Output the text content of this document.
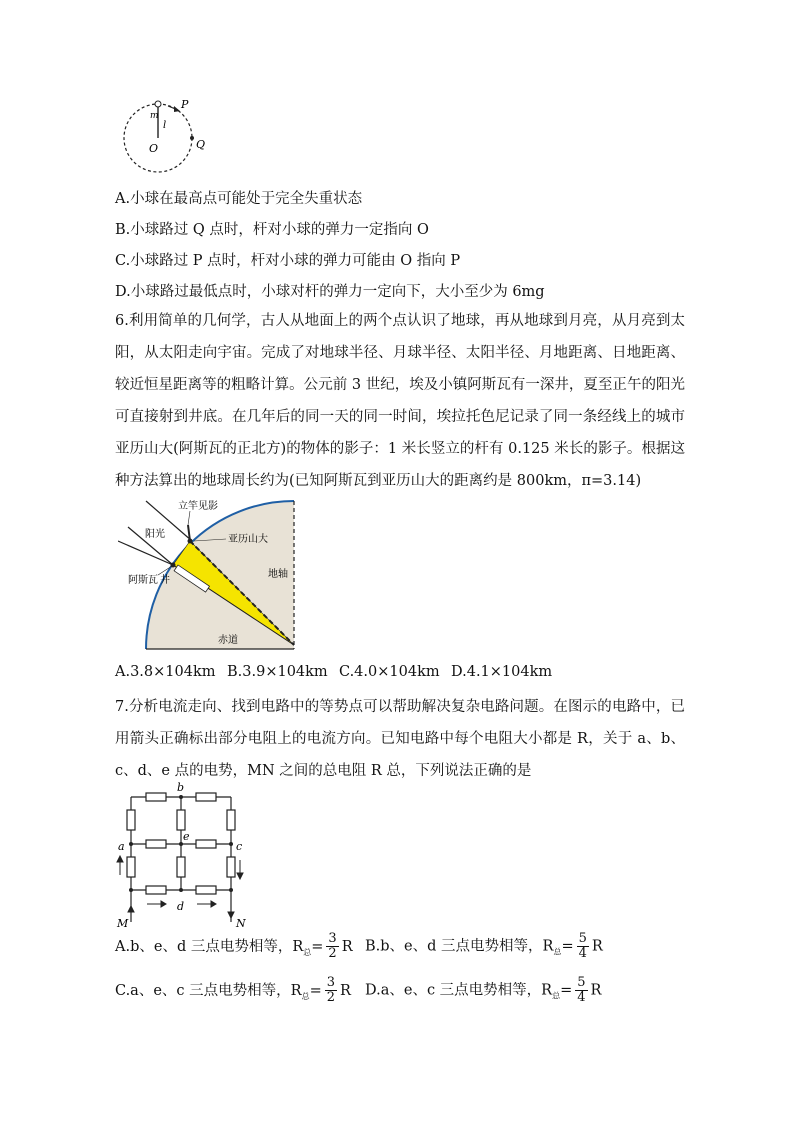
P
Q
O
m
l
A.小球在最高点可能处于完全失重状态
B.小球路过 Q 点时，杆对小球的弹力一定指向 O
C.小球路过 P 点时，杆对小球的弹力可能由 O 指向 P
D.小球路过最低点时，小球对杆的弹力一定向下，大小至少为 6mg
6.利用简单的几何学，古人从地面上的两个点认识了地球，再从地球到月亮，从月亮到太阳，从太阳走向宇宙。完成了对地球半径、月球半径、太阳半径、月地距离、日地距离、较近恒星距离等的粗略计算。公元前 3 世纪，埃及小镇阿斯瓦有一深井，夏至正午的阳光可直接射到井底。在几年后的同一天的同一时间，埃拉托色尼记录了同一条经线上的城市亚历山大(阿斯瓦的正北方)的物体的影子：1 米长竖立的杆有 0.125 米长的影子。根据这种方法算出的地球周长约为(已知阿斯瓦到亚历山大的距离约是 800km，π=3.14)
立竿见影
阳光	亚历山大
阿斯瓦 井
地轴
赤道
A.3.8×104km B.3.9×104km C.4.0×104km D.4.1×104km
7.分析电流走向、找到电路中的等势点可以帮助解决复杂电路问题。在图示的电路中，已用箭头正确标出部分电阻上的电流方向。已知电路中每个电阻大小都是 R，关于 a、b、c、d、e 点的电势，MN 之间的总电阻 R 总，下列说法正确的是
b
e
a	c
d
M	N
A.b、e、d 三点电势相等，$R_总= \frac{3}{2}$ R B.b、e、d 三点电势相等，$R_总= \frac{5}{4}$ R
C.a、e、c 三点电势相等，$R_总= \frac{3}{2}$ R D.a、e、c 三点电势相等，$R_总= \frac{5}{4}$ R
